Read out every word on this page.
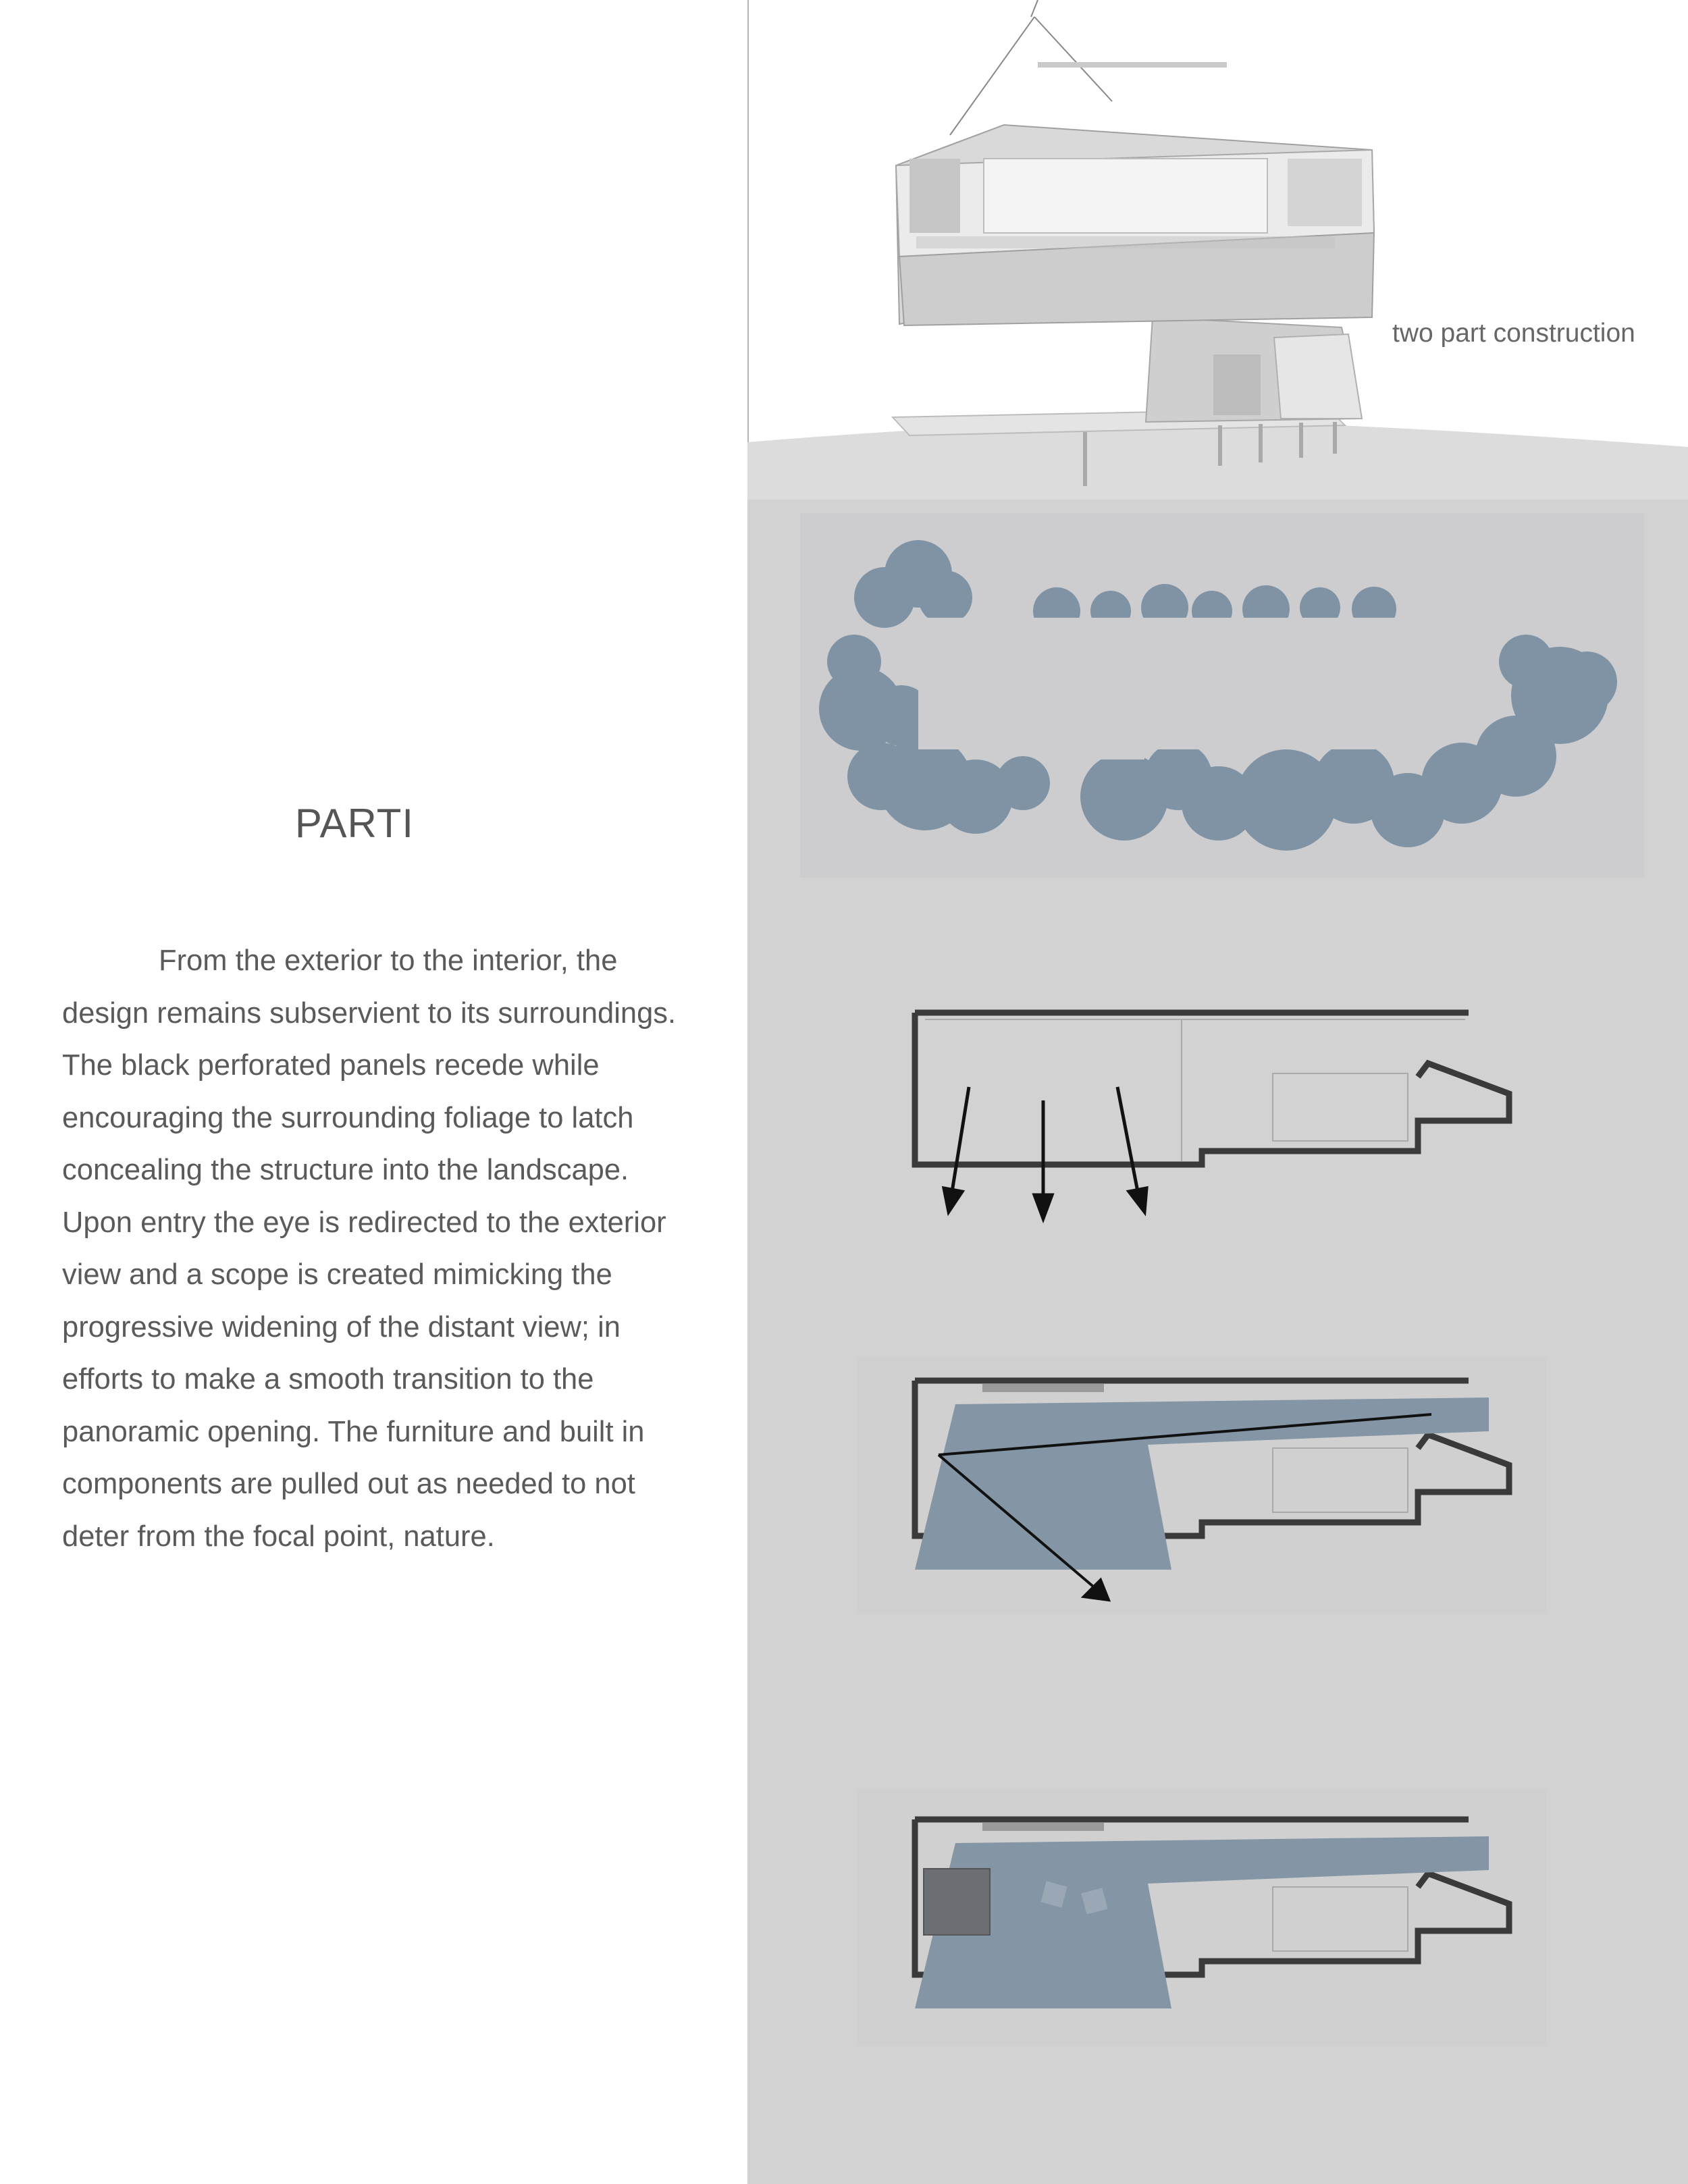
PARTI

From the exterior to the interior, the design remains subservient to its surroundings. The black perforated panels recede while encouraging the surrounding foliage to latch concealing the structure into the landscape. Upon entry the eye is redirected to the exterior view and a scope is created mimicking the progressive widening of the distant view; in efforts to make a smooth transition to the panoramic opening. The furniture and built in components are pulled out as needed to not deter from the focal point, nature.

two part construction
